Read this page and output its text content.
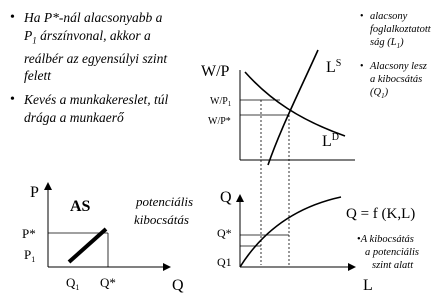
• Ha P*-nál alacsonyabb a
$P_1$ árszínvonal, akkor a
reálbér az egyensúlyi szint
felett
• Kevés a munkakereslet, túl
drága a munkaerő
• alacsony
foglalkoztatott
ság $(L_1)$
• Alacsony lesz
a kibocsátás
$(Q_1)$
W/P
$W/P_1$
W/P*
$L^S$
$L^D$
P
Q
AS	potenciális
kibocsátás
P*
$P_1$
$Q_1$ Q*
Q
L
Q = f (K,L)
Q*
Q1
•A kibocsátás
a potenciális
szint alatt
